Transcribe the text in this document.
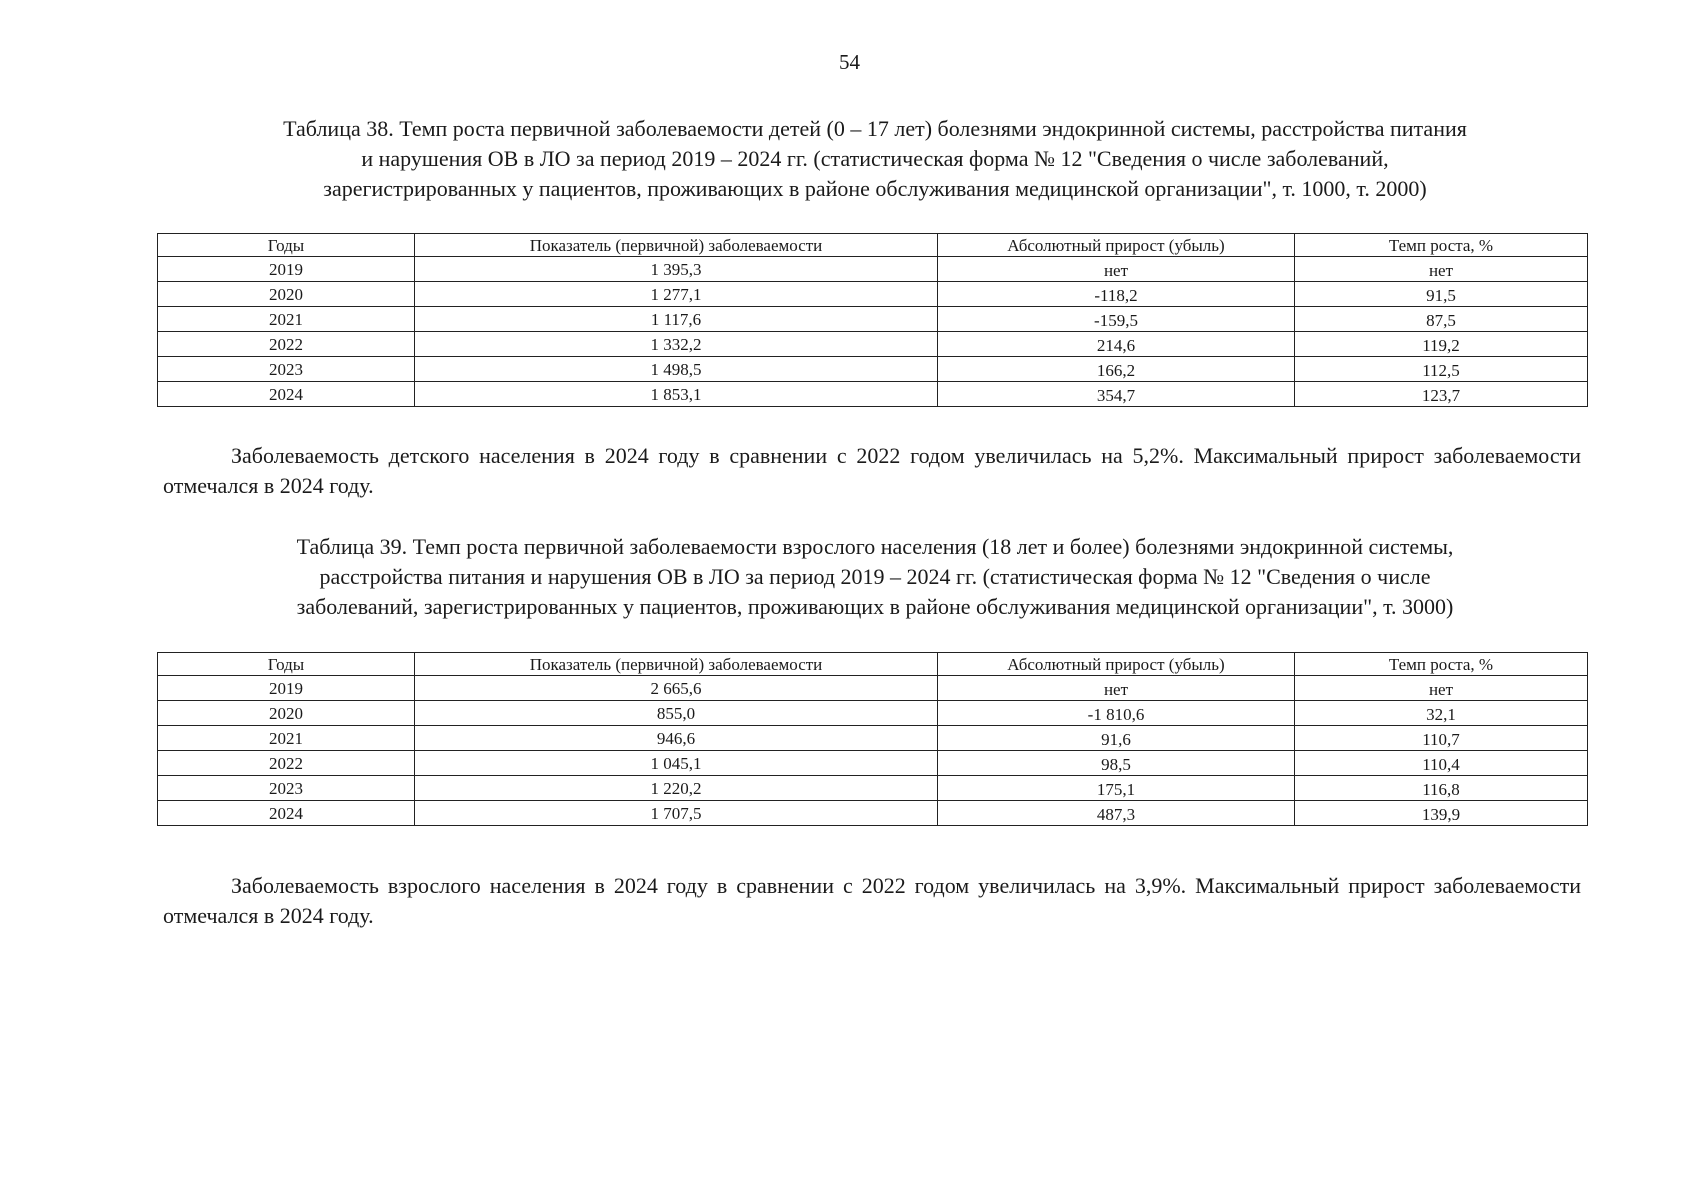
54
Таблица 38. Темп роста первичной заболеваемости детей (0 – 17 лет) болезнями эндокринной системы, расстройства питания
и нарушения ОВ в ЛО за период 2019 – 2024 гг. (статистическая форма № 12 "Сведения о числе заболеваний,
зарегистрированных у пациентов, проживающих в районе обслуживания медицинской организации", т. 1000, т. 2000)
Годы	Показатель (первичной) заболеваемости	Абсолютный прирост (убыль)	Темп роста, %
2019	1 395,3	нет	нет
2020	1 277,1	-118,2	91,5
2021	1 117,6	-159,5	87,5
2022	1 332,2	214,6	119,2
2023	1 498,5	166,2	112,5
2024	1 853,1	354,7	123,7
Заболеваемость детского населения в 2024 году в сравнении с 2022 годом увеличилась на 5,2%. Максимальный прирост заболеваемости отмечался в 2024 году.
Таблица 39. Темп роста первичной заболеваемости взрослого населения (18 лет и более) болезнями эндокринной системы,
расстройства питания и нарушения ОВ в ЛО за период 2019 – 2024 гг. (статистическая форма № 12 "Сведения о числе
заболеваний, зарегистрированных у пациентов, проживающих в районе обслуживания медицинской организации", т. 3000)
Годы	Показатель (первичной) заболеваемости	Абсолютный прирост (убыль)	Темп роста, %
2019	2 665,6	нет	нет
2020	855,0	-1 810,6	32,1
2021	946,6	91,6	110,7
2022	1 045,1	98,5	110,4
2023	1 220,2	175,1	116,8
2024	1 707,5	487,3	139,9
Заболеваемость взрослого населения в 2024 году в сравнении с 2022 годом увеличилась на 3,9%. Максимальный прирост заболеваемости отмечался в 2024 году.
